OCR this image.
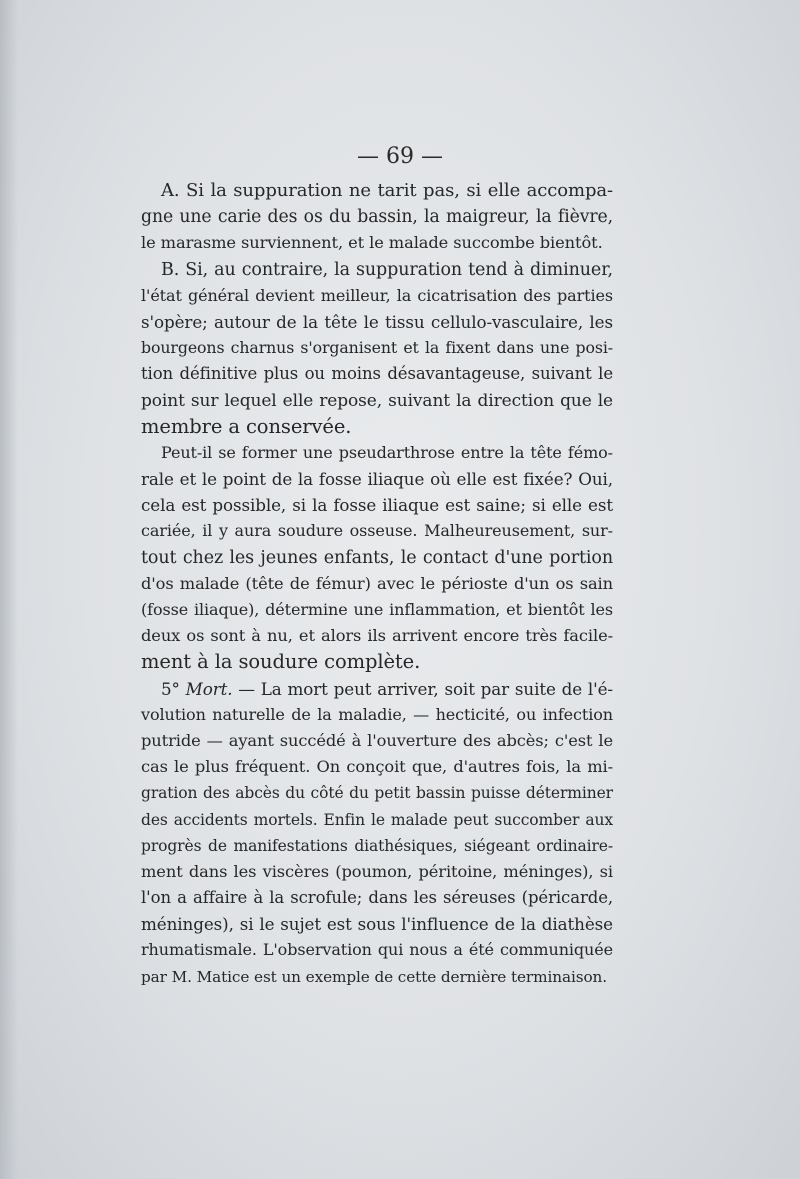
— 69 —
A. Si la suppuration ne tarit pas, si elle accompa-
gne une carie des os du bassin, la maigreur, la fièvre,
le marasme surviennent, et le malade succombe bientôt.
B. Si, au contraire, la suppuration tend à diminuer,
l'état général devient meilleur, la cicatrisation des parties
s'opère; autour de la tête le tissu cellulo-vasculaire, les
bourgeons charnus s'organisent et la fixent dans une posi-
tion définitive plus ou moins désavantageuse, suivant le
point sur lequel elle repose, suivant la direction que le
membre a conservée.
Peut-il se former une pseudarthrose entre la tête fémo-
rale et le point de la fosse iliaque où elle est fixée? Oui,
cela est possible, si la fosse iliaque est saine; si elle est
cariée, il y aura soudure osseuse. Malheureusement, sur-
tout chez les jeunes enfants, le contact d'une portion
d'os malade (tête de fémur) avec le périoste d'un os sain
(fosse iliaque), détermine une inflammation, et bientôt les
deux os sont à nu, et alors ils arrivent encore très facile-
ment à la soudure complète.
5° Mort. — La mort peut arriver, soit par suite de l'é-
volution naturelle de la maladie, — hecticité, ou infection
putride — ayant succédé à l'ouverture des abcès; c'est le
cas le plus fréquent. On conçoit que, d'autres fois, la mi-
gration des abcès du côté du petit bassin puisse déterminer
des accidents mortels. Enfin le malade peut succomber aux
progrès de manifestations diathésiques, siégeant ordinaire-
ment dans les viscères (poumon, péritoine, méninges), si
l'on a affaire à la scrofule; dans les séreuses (péricarde,
méninges), si le sujet est sous l'influence de la diathèse
rhumatismale. L'observation qui nous a été communiquée
par M. Matice est un exemple de cette dernière terminaison.
